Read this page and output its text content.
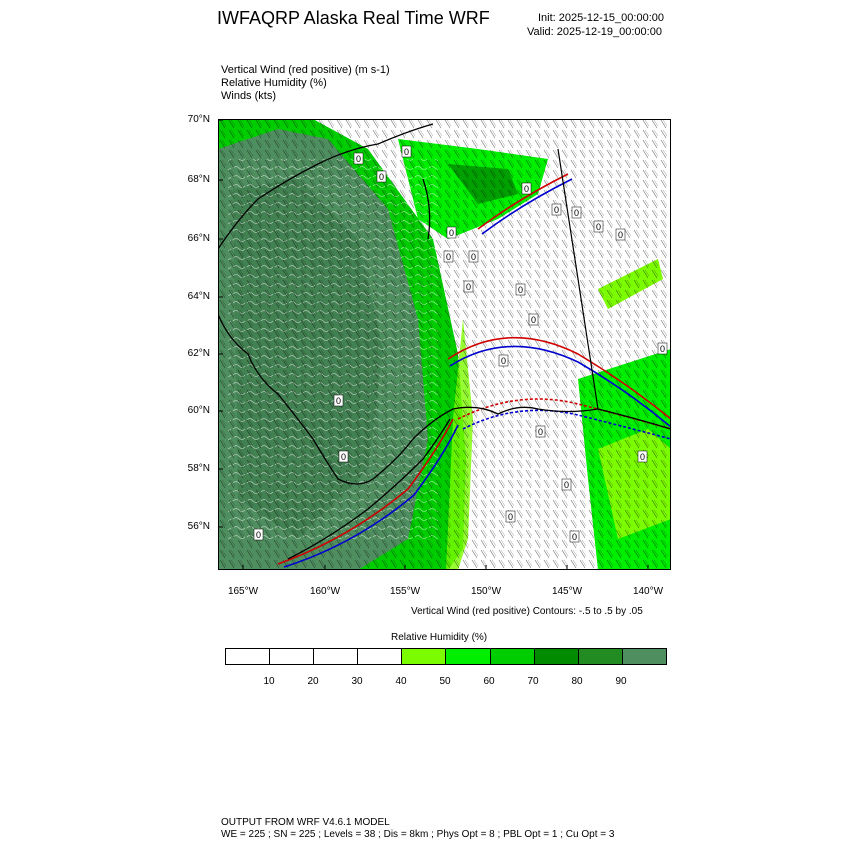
IWFAQRP Alaska Real Time WRF	Init: 2025-12-15_00:00:00
Valid: 2025-12-19_00:00:00
Vertical Wind (red positive) (m s-1)
Relative Humidity (%)
Winds (kts)
0
0
0
0
0 0
0	0
0
0
0 0
0
0
0
0
0
0
0
0
0
0
0
0
70°N
68°N
66°N
64°N
62°N
60°N
58°N
56°N
165°W	160°W	155°W	150°W	145°W	140°W
Vertical Wind (red positive) Contours: -.5 to .5 by .05
Relative Humidity (%)
10	20	30	40	50	60	70	80	90
OUTPUT FROM WRF V4.6.1 MODEL
WE = 225 ; SN = 225 ; Levels = 38 ; Dis = 8km ; Phys Opt = 8 ; PBL Opt = 1 ; Cu Opt = 3
